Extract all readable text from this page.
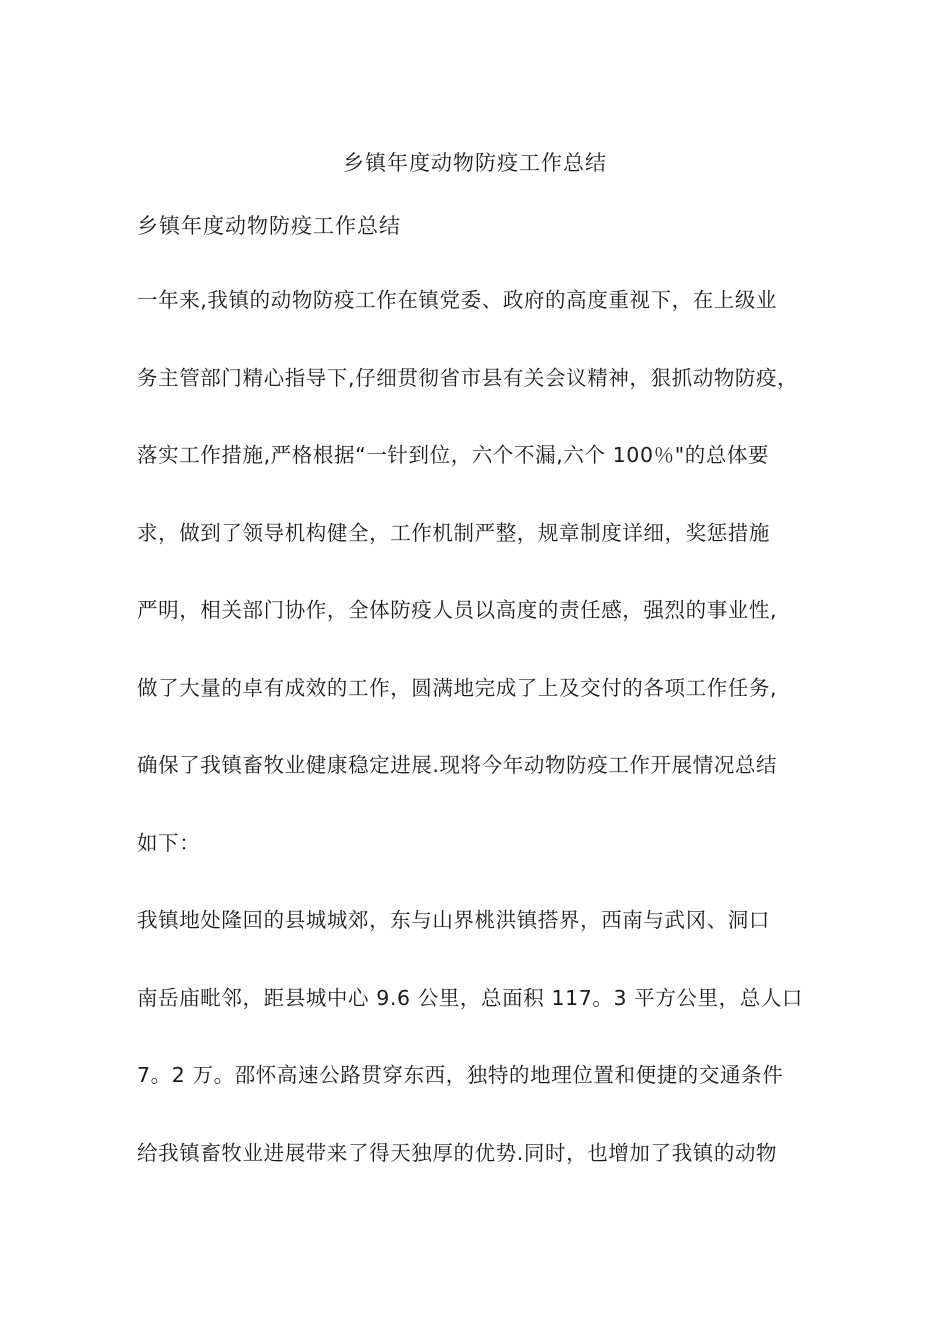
乡镇年度动物防疫工作总结
乡镇年度动物防疫工作总结
一年来,我镇的动物防疫工作在镇党委、政府的高度重视下，在上级业
务主管部门精心指导下,仔细贯彻省市县有关会议精神，狠抓动物防疫，
落实工作措施,严格根据“一针到位，六个不漏,六个 100％"的总体要
求，做到了领导机构健全，工作机制严整，规章制度详细，奖惩措施
严明，相关部门协作，全体防疫人员以高度的责任感，强烈的事业性,
做了大量的卓有成效的工作，圆满地完成了上及交付的各项工作任务,
确保了我镇畜牧业健康稳定进展.现将今年动物防疫工作开展情况总结
如下：
我镇地处隆回的县城城郊，东与山界桃洪镇搭界，西南与武冈、洞口
南岳庙毗邻，距县城中心 9.6 公里，总面积 117。3 平方公里，总人口
7。2 万。邵怀高速公路贯穿东西，独特的地理位置和便捷的交通条件
给我镇畜牧业进展带来了得天独厚的优势.同时，也增加了我镇的动物
